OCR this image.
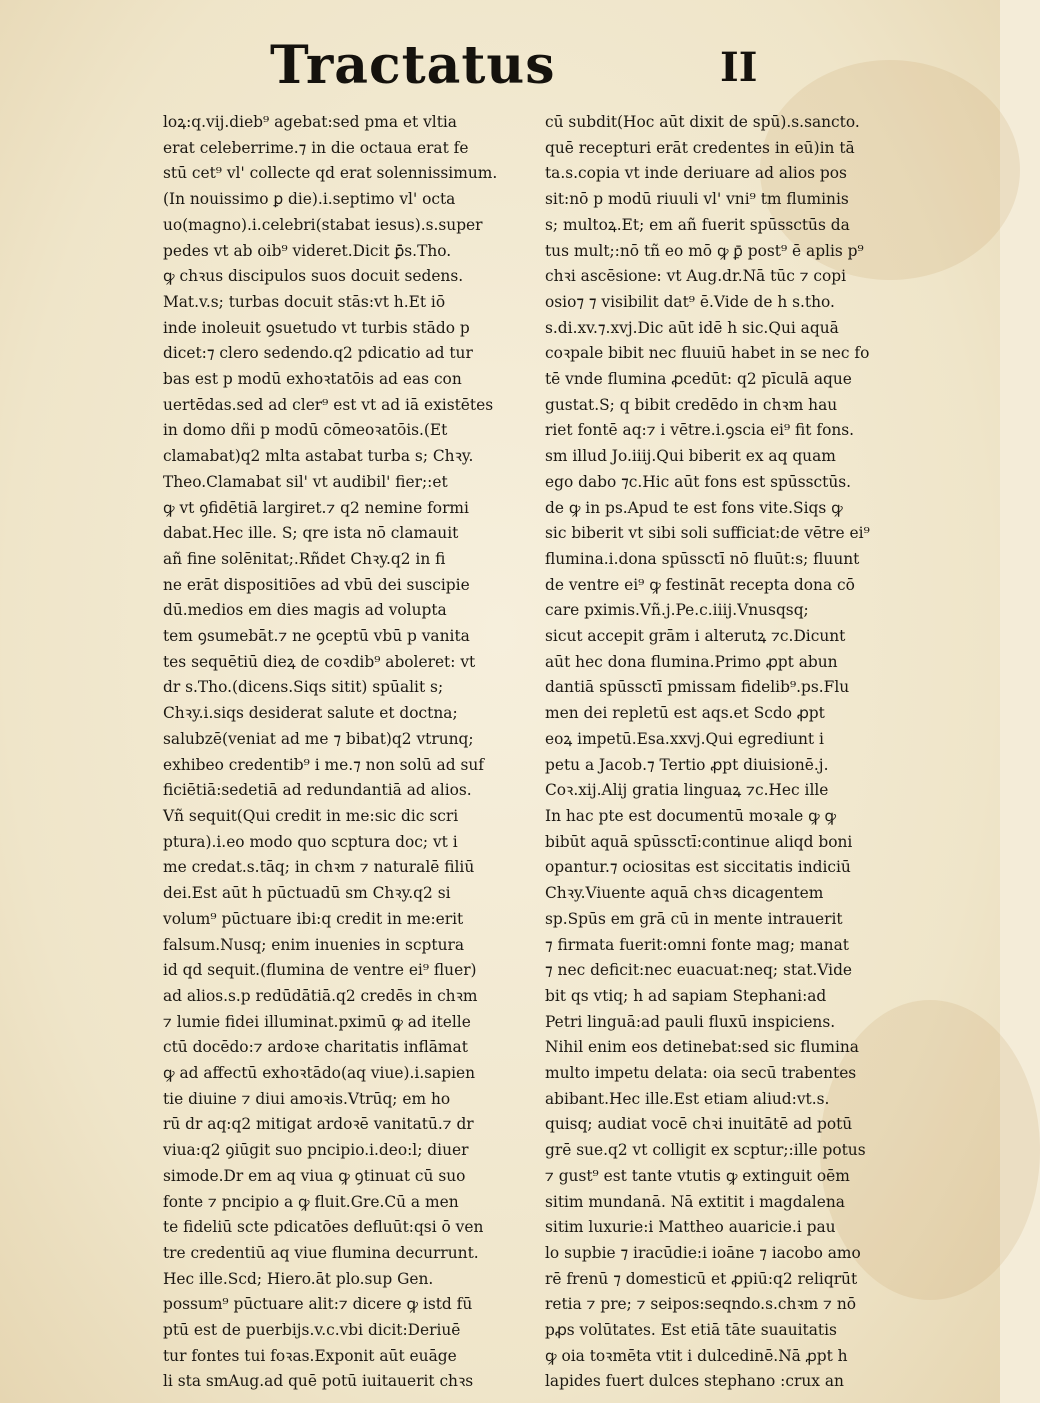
Tractatus	II
loꝝ:q.vij.dieb⁹ agebat:sed pma et vltia
erat celeberrime.⁊ in die octaua erat fe
stū cet⁹ vl' collecte qd erat solennissimum.
(In nouissimo ꝑ die).i.septimo vl' octa
uo(magno).i.celebri(stabat iesus).s.super
pedes vt ab oib⁹ videret.Dicit ꝑ̄s.Tho.
ꝙ chꝛus discipulos suos docuit sedens.
Mat.v.s; turbas docuit stās:vt h.Et iō
inde inoleuit ꝯsuetudo vt turbis stādo p
dicet:⁊ clero sedendo.q2 pdicatio ad tur
bas est p modū exhoꝛtatōis ad eas con
uertēdas.sed ad cler⁹ est vt ad iā existētes
in domo dñi p modū cōmeoꝛatōis.(Et
clamabat)q2 mlta astabat turba s; Chꝛy.
Theo.Clamabat sil' vt audibil' fier;:et
ꝙ vt ꝯfidētiā largiret.⁊ q2 nemine formi
dabat.Hec ille. S; qre ista nō clamauit
añ fine solēnitat;.Rñdet Chꝛy.q2 in fi
ne erāt dispositiōes ad vbū dei suscipie
dū.medios em dies magis ad volupta
tem ꝯsumebāt.⁊ ne ꝯceptū vbū p vanita
tes sequētiū dieꝝ de coꝛdib⁹ aboleret: vt
dr s.Tho.(dicens.Siqs sitit) spūalit s;
Chꝛy.i.siqs desiderat salute et doctna;
salubzē(veniat ad me ⁊ bibat)q2 vtrunq;
exhibeo credentib⁹ i me.⁊ non solū ad suf
ficiētiā:sedetiā ad redundantiā ad alios.
Vñ sequit(Qui credit in me:sic dic scri
ptura).i.eo modo quo scptura doc; vt i
me credat.s.tāq; in chꝛm ⁊ naturalē filiū
dei.Est aūt h pūctuadū sm Chꝛy.q2 si
volum⁹ pūctuare ibi:q credit in me:erit
falsum.Nusq; enim inuenies in scptura
id qd sequit.(flumina de ventre ei⁹ fluer)
ad alios.s.p redūdātiā.q2 credēs in chꝛm
⁊ lumie fidei illuminat.pximū ꝙ ad itelle
ctū docēdo:⁊ ardoꝛe charitatis inflāmat
ꝙ ad affectū exhoꝛtādo(aq viue).i.sapien
tie diuine ⁊ diui amoꝛis.Vtrūq; em ho
rū dr aq:q2 mitigat ardoꝛē vanitatū.⁊ dr
viua:q2 ꝯiūgit suo pncipio.i.deo:l; diuer
simode.Dr em aq viua ꝙ ꝯtinuat cū suo
fonte ⁊ pncipio a ꝙ fluit.Gre.Cū a men
te fideliū scte pdicatōes defluūt:qsi ō ven
tre credentiū aq viue flumina decurrunt.
Hec ille.Scd; Hiero.āt plo.sup Gen.
possum⁹ pūctuare alit:⁊ dicere ꝙ istd fū
ptū est de puerbijs.v.c.vbi dicit:Deriuē
tur fontes tui foꝛas.Exponit aūt euāge
li sta smAug.ad quē potū iuitauerit chꝛs
cū subdit(Hoc aūt dixit de spū).s.sancto.
quē recepturi erāt credentes in eū)in tā
ta.s.copia vt inde deriuare ad alios pos
sit:nō p modū riuuli vl' vni⁹ tm fluminis
s; multoꝝ.Et; em añ fuerit spūssctūs da
tus mult;:nō tñ eo mō ꝙ ꝑ̄ post⁹ ē aplis p⁹
chꝛi ascēsione: vt Aug.dr.Nā tūc ⁊ copi
osio⁊ ⁊ visibilit dat⁹ ē.Vide de h s.tho.
s.di.xv.⁊.xvj.Dic aūt idē h sic.Qui aquā
coꝛpale bibit nec fluuiū habet in se nec fo
tē vnde flumina ꝓcedūt: q2 pīculā aque
gustat.S; q bibit credēdo in chꝛm hau
riet fontē aq:⁊ i vētre.i.ꝯscia ei⁹ fit fons.
sm illud Jo.iiij.Qui biberit ex aq quam
ego dabo ⁊c.Hic aūt fons est spūssctūs.
de ꝙ in ps.Apud te est fons vite.Siqs ꝙ
sic biberit vt sibi soli sufficiat:de vētre ei⁹
flumina.i.dona spūssctī nō fluūt:s; fluunt
de ventre ei⁹ ꝙ festināt recepta dona cō
care pximis.Vñ.j.Pe.c.iiij.Vnusqsq;
sicut accepit grām i alterutꝝ ⁊c.Dicunt
aūt hec dona flumina.Primo ꝓpt abun
dantiā spūssctī pmissam fidelib⁹.ps.Flu
men dei repletū est aqs.et Scdo ꝓpt
eoꝝ impetū.Esa.xxvj.Qui egrediunt i
petu a Jacob.⁊ Tertio ꝓpt diuisionē.j.
Coꝛ.xij.Alij gratia linguaꝝ ⁊c.Hec ille
In hac pte est documentū moꝛale ꝙ ꝙ
bibūt aquā spūssctī:continue aliqd boni
opantur.⁊ ociositas est siccitatis indiciū
Chꝛy.Viuente aquā chꝛs dicagentem
sp.Spūs em grā cū in mente intrauerit
⁊ firmata fuerit:omni fonte mag; manat
⁊ nec deficit:nec euacuat:neq; stat.Vide
bit qs vtiq; h ad sapiam Stephani:ad
Petri linguā:ad pauli fluxū inspiciens.
Nihil enim eos detinebat:sed sic flumina
multo impetu delata: oia secū trabentes
abibant.Hec ille.Est etiam aliud:vt.s.
quisq; audiat vocē chꝛi inuitātē ad potū
grē sue.q2 vt colligit ex scptur;:ille potus
⁊ gust⁹ est tante vtutis ꝙ extinguit oēm
sitim mundanā. Nā extitit i magdalena
sitim luxurie:i Mattheo auaricie.i pau
lo supbie ⁊ iracūdie:i ioāne ⁊ iacobo amo
rē frenū ⁊ domesticū et ꝓpiū:q2 reliqrūt
retia ⁊ pre; ⁊ seipos:seqndo.s.chꝛm ⁊ nō
pꝓs volūtates. Est etiā tāte suauitatis
ꝙ oia toꝛmēta vtit i dulcedinē.Nā ꝓpt h
lapides fuert dulces stephano :crux an
